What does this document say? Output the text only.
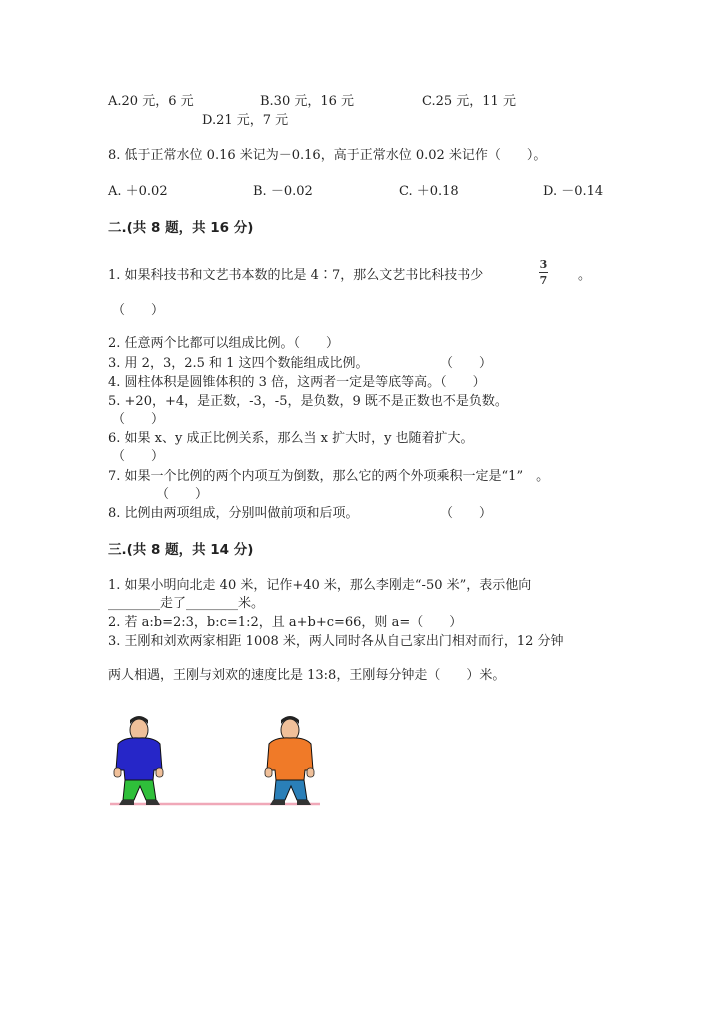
A.20 元，6 元	B.30 元，16 元	C.25 元，11 元
D.21 元，7 元
8. 低于正常水位 0.16 米记为－0.16，高于正常水位 0.02 米记作（　　）。
A. ＋0.02	B. －0.02	C. ＋0.18	D. －0.14
二.(共 8 题，共 16 分)
1. 如果科技书和文艺书本数的比是 4∶7，那么文艺书比科技书少
3
7 。
（　　）
2. 任意两个比都可以组成比例。（　　）
3. 用 2，3，2.5 和 1 这四个数能组成比例。	（　　）
4. 圆柱体积是圆锥体积的 3 倍，这两者一定是等底等高。（　　）
5. +20，+4，是正数，-3，-5，是负数，9 既不是正数也不是负数。
（　　）
6. 如果 x、y 成正比例关系，那么当 x 扩大时，y 也随着扩大。
（　　）
7. 如果一个比例的两个内项互为倒数，那么它的两个外项乘积一定是“1”　。
（　　）
8. 比例由两项组成，分别叫做前项和后项。	（　　）
三.(共 8 题，共 14 分)
1. 如果小明向北走 40 米，记作+40 米，那么李刚走“-50 米”，表示他向
________走了________米。
2. 若 a:b=2:3，b:c=1:2，且 a+b+c=66，则 a=（　　）
3. 王刚和刘欢两家相距 1008 米，两人同时各从自己家出门相对而行，12 分钟
两人相遇，王刚与刘欢的速度比是 13:8，王刚每分钟走（　　）米。
